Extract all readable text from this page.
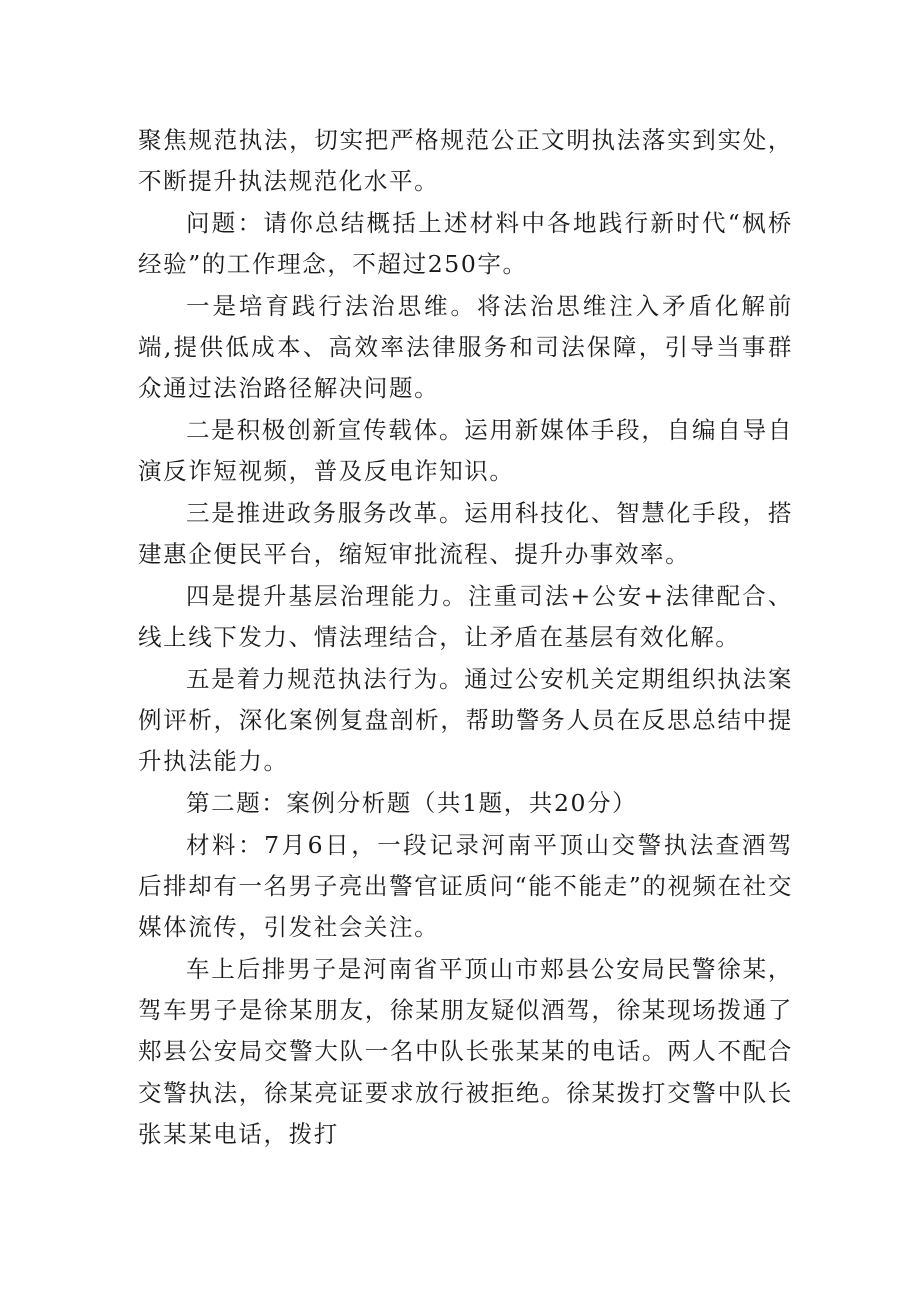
聚焦规范执法，切实把严格规范公正文明执法落实到实处，不断提升执法规范化水平。

问题：请你总结概括上述材料中各地践行新时代“枫桥经验”的工作理念，不超过250字。

一是培育践行法治思维。将法治思维注入矛盾化解前端,提供低成本、高效率法律服务和司法保障，引导当事群众通过法治路径解决问题。

二是积极创新宣传载体。运用新媒体手段，自编自导自演反诈短视频，普及反电诈知识。

三是推进政务服务改革。运用科技化、智慧化手段，搭建惠企便民平台，缩短审批流程、提升办事效率。

四是提升基层治理能力。注重司法+公安+法律配合、线上线下发力、情法理结合，让矛盾在基层有效化解。

五是着力规范执法行为。通过公安机关定期组织执法案例评析，深化案例复盘剖析，帮助警务人员在反思总结中提升执法能力。

第二题：案例分析题（共1题，共20分）

材料：7月6日，一段记录河南平顶山交警执法查酒驾后排却有一名男子亮出警官证质问“能不能走”的视频在社交媒体流传，引发社会关注。

车上后排男子是河南省平顶山市郏县公安局民警徐某，驾车男子是徐某朋友，徐某朋友疑似酒驾，徐某现场拨通了郏县公安局交警大队一名中队长张某某的电话。两人不配合交警执法，徐某亮证要求放行被拒绝。徐某拨打交警中队长张某某电话，拨打
